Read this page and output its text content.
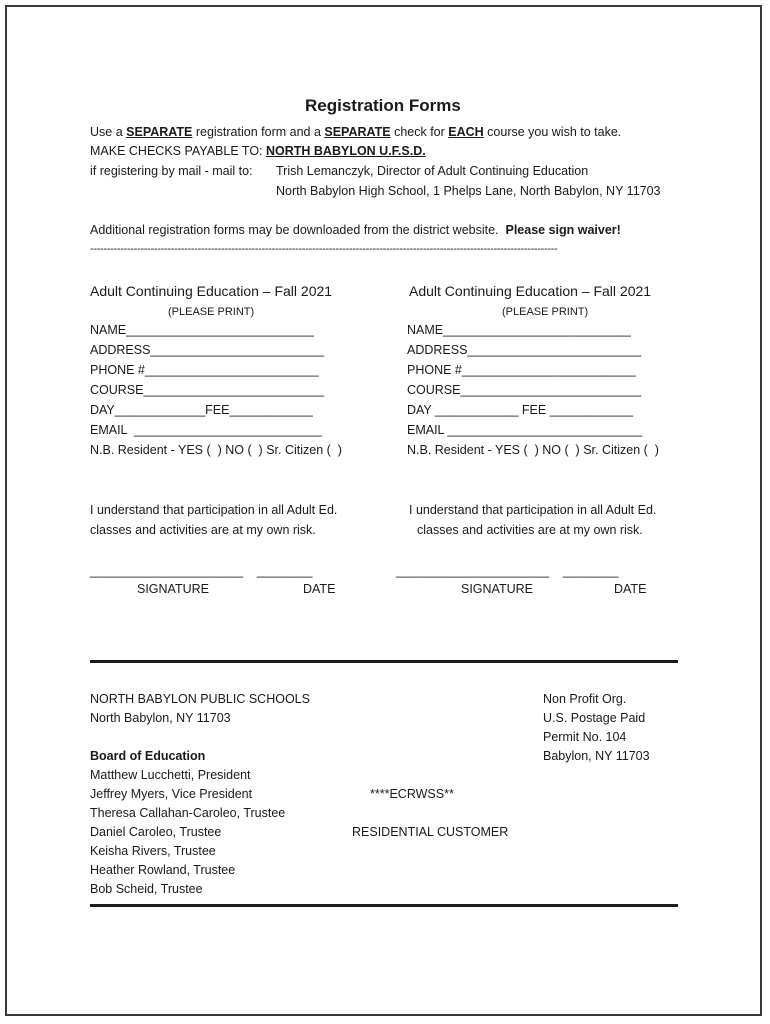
Registration Forms
Use a SEPARATE registration form and a SEPARATE check for EACH course you wish to take.
MAKE CHECKS PAYABLE TO: NORTH BABYLON U.F.S.D.
if registering by mail - mail to: Trish Lemanczyk, Director of Adult Continuing Education
North Babylon High School, 1 Phelps Lane, North Babylon, NY 11703
Additional registration forms may be downloaded from the district website.  Please sign waiver!
-------------------------------------------------------------------------------------------------------------------------------------------
Adult Continuing Education – Fall 2021
(PLEASE PRINT)
NAME___________________________
ADDRESS_________________________
PHONE #_________________________
COURSE__________________________
DAY_____________FEE____________
EMAIL  ___________________________
N.B. Resident - YES (  ) NO (  ) Sr. Citizen (  )
I understand that participation in all Adult Ed.
classes and activities are at my own risk.
______________________    ________
SIGNATURE	DATE
Adult Continuing Education – Fall 2021
(PLEASE PRINT)
NAME___________________________
ADDRESS_________________________
PHONE #_________________________
COURSE__________________________
DAY ____________ FEE ____________
EMAIL ____________________________
N.B. Resident - YES (  ) NO (  ) Sr. Citizen (  )
I understand that participation in all Adult Ed.
classes and activities are at my own risk.
______________________    ________
SIGNATURE	DATE
NORTH BABYLON PUBLIC SCHOOLS
North Babylon, NY 11703
Non Profit Org.
U.S. Postage Paid
Permit No. 104
Babylon, NY 11703
Board of Education
Matthew Lucchetti, President
Jeffrey Myers, Vice President
Theresa Callahan-Caroleo, Trustee
Daniel Caroleo, Trustee
Keisha Rivers, Trustee
Heather Rowland, Trustee
Bob Scheid, Trustee
****ECRWSS**
RESIDENTIAL CUSTOMER
